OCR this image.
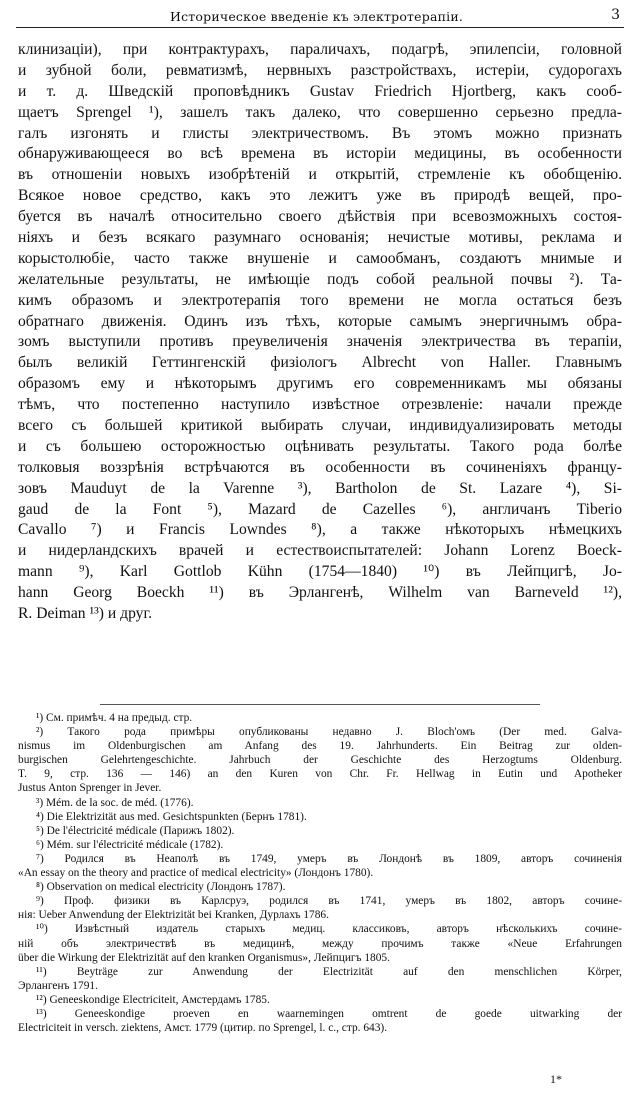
Историческое введеніе къ электротерапіи.	3
клинизаціи), при контрактурахъ, параличахъ, подагрѣ, эпилепсіи, головной
и зубной боли, ревматизмѣ, нервныхъ разстройствахъ, истеріи, судорогахъ
и т. д. Шведскій проповѣдникъ Gustav Friedrich Hjortberg, какъ сооб-
щаетъ Sprengel ¹), зашелъ такъ далеко, что совершенно серьезно предла-
галъ изгонять и глисты электричествомъ. Въ этомъ можно признать
обнаруживающееся во всѣ времена въ исторіи медицины, въ особенности
въ отношеніи новыхъ изобрѣтеній и открытій, стремленіе къ обобщенію.
Всякое новое средство, какъ это лежитъ уже въ природѣ вещей, про-
буется въ началѣ относительно своего дѣйствія при всевозможныхъ состоя-
ніяхъ и безъ всякаго разумнаго основанія; нечистые мотивы, реклама и
корыстолюбіе, часто также внушеніе и самообманъ, создаютъ мнимые и
желательные результаты, не имѣющіе подъ собой реальной почвы ²). Та-
кимъ образомъ и электротерапія того времени не могла остаться безъ
обратнаго движенія. Одинъ изъ тѣхъ, которые самымъ энергичнымъ обра-
зомъ выступили противъ преувеличенія значенія электричества въ терапіи,
былъ великій Геттингенскій физіологъ Albrecht von Haller. Главнымъ
образомъ ему и нѣкоторымъ другимъ его современникамъ мы обязаны
тѣмъ, что постепенно наступило извѣстное отрезвленіе: начали прежде
всего съ большей критикой выбирать случаи, индивидуализировать методы
и съ большею осторожностью оцѣнивать результаты. Такого рода болѣе
толковыя воззрѣнія встрѣчаются въ особенности въ сочиненіяхъ францу-
зовъ Mauduyt de la Varenne ³), Bartholon de St. Lazare ⁴), Si-
gaud de la Font ⁵), Mazard de Cazelles ⁶), англичанъ Tiberio
Cavallo ⁷) и Francis Lowndes ⁸), а также нѣкоторыхъ нѣмецкихъ
и нидерландскихъ врачей и естествоиспытателей: Johann Lorenz Boeck-
mann ⁹), Karl Gottlob Kühn (1754—1840) ¹⁰) въ Лейпцигѣ, Jo-
hann Georg Boeckh ¹¹) въ Эрлангенѣ, Wilhelm van Barneveld ¹²),
R. Deiman ¹³) и друг.
¹) См. примѣч. 4 на предыд. стр.
²) Такого рода примѣры опубликованы недавно J. Bloch'омъ (Der med. Galva-
nismus im Oldenburgischen am Anfang des 19. Jahrhunderts. Ein Beitrag zur olden-
burgischen Gelehrtengeschichte. Jahrbuch der Geschichte des Herzogtums Oldenburg.
T. 9, стр. 136 — 146) an den Kuren von Chr. Fr. Hellwag in Eutin und Apotheker
Justus Anton Sprenger in Jever.
³) Mém. de la soc. de méd. (1776).
⁴) Die Elektrizität aus med. Gesichtspunkten (Бернъ 1781).
⁵) De l'électricité médicale (Парижъ 1802).
⁶) Mém. sur l'électricité médicale (1782).
⁷) Родился въ Неаполѣ въ 1749, умеръ въ Лондонѣ въ 1809, авторъ сочиненія
«An essay on the theory and practice of medical electricity» (Лондонъ 1780).
⁸) Observation on medical electricity (Лондонъ 1787).
⁹) Проф. физики въ Карлсруэ, родился въ 1741, умеръ въ 1802, авторъ сочине-
нія: Ueber Anwendung der Elektrizität bei Kranken, Дурлахъ 1786.
¹⁰) Извѣстный издатель старыхъ медиц. классиковъ, авторъ нѣсколькихъ сочине-
ній объ электричествѣ въ медицинѣ, между прочимъ также «Neue Erfahrungen
über die Wirkung der Elektrizität auf den kranken Organismus», Лейпцигъ 1805.
¹¹) Beyträge zur Anwendung der Electrizität auf den menschlichen Körper,
Эрлангенъ 1791.
¹²) Geneeskondige Electriciteit, Амстердамъ 1785.
¹³) Geneeskondige proeven en waarnemingen omtrent de goede uitwarking der
Electriciteit in versch. ziektens, Амст. 1779 (цитир. по Sprengel, l. c., стр. 643).
1*
